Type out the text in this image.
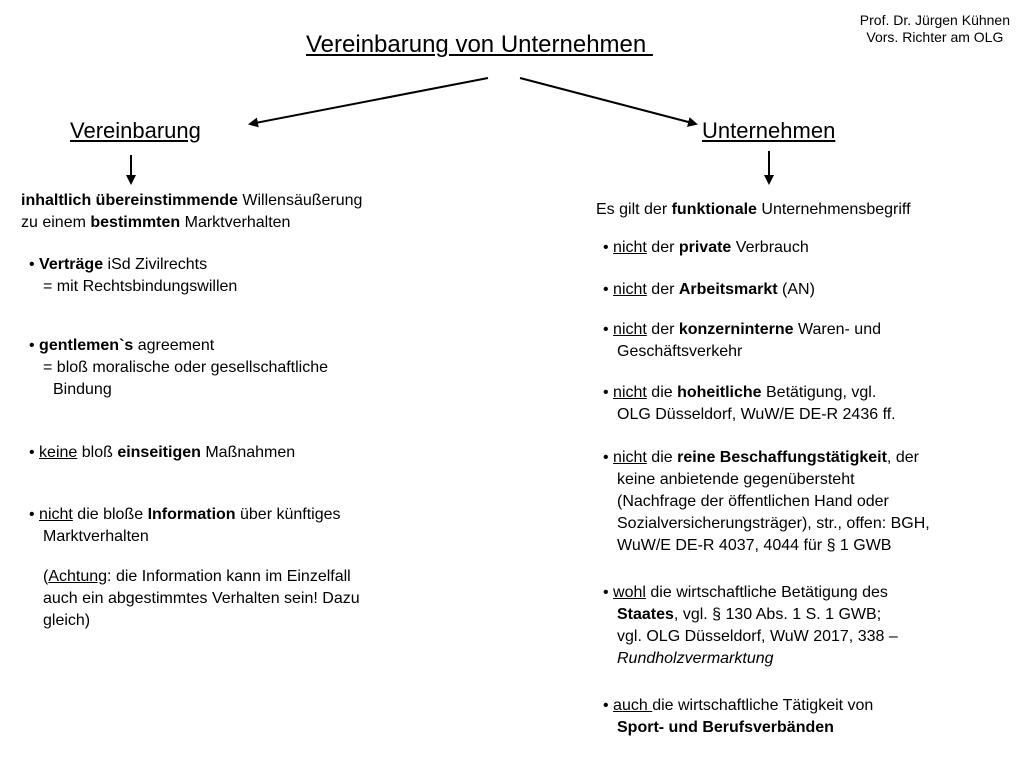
Prof. Dr. Jürgen Kühnen
Vors. Richter am OLG
Vereinbarung von Unternehmen
Vereinbarung	Unternehmen
inhaltlich übereinstimmende Willensäußerung
zu einem bestimmten Marktverhalten
• Verträge iSd Zivilrechts
= mit Rechtsbindungswillen
• gentlemen`s agreement
= bloß moralische oder gesellschaftliche
Bindung
• keine bloß einseitigen Maßnahmen
• nicht die bloße Information über künftiges
Marktverhalten
(Achtung: die Information kann im Einzelfall
auch ein abgestimmtes Verhalten sein! Dazu
gleich)
Es gilt der funktionale Unternehmensbegriff
• nicht der private Verbrauch
• nicht der Arbeitsmarkt (AN)
• nicht der konzerninterne Waren- und
Geschäftsverkehr
• nicht die hoheitliche Betätigung, vgl.
OLG Düsseldorf, WuW/E DE-R 2436 ff.
• nicht die reine Beschaffungstätigkeit, der
keine anbietende gegenübersteht
(Nachfrage der öffentlichen Hand oder
Sozialversicherungsträger), str., offen: BGH,
WuW/E DE-R 4037, 4044 für § 1 GWB
• wohl die wirtschaftliche Betätigung des
Staates, vgl. § 130 Abs. 1 S. 1 GWB;
vgl. OLG Düsseldorf, WuW 2017, 338 –
Rundholzvermarktung
• auch die wirtschaftliche Tätigkeit von
Sport- und Berufsverbänden
